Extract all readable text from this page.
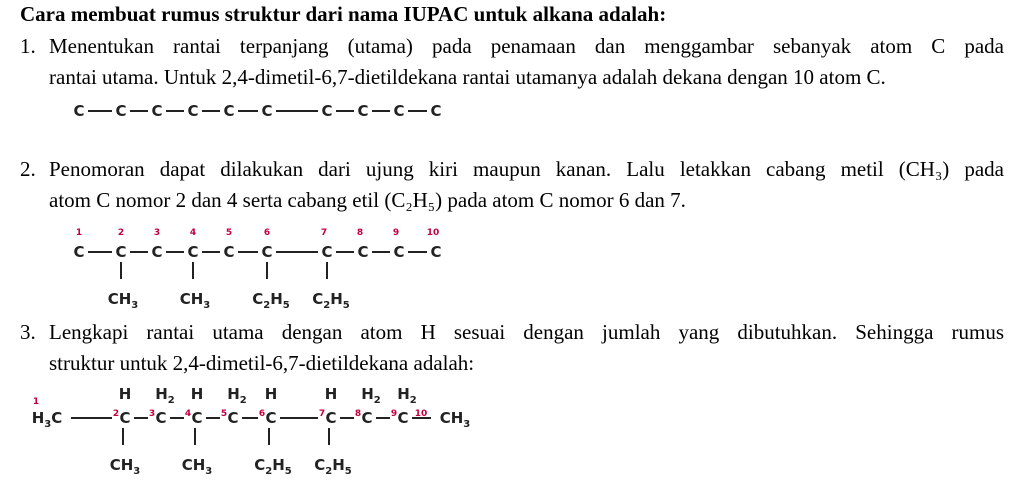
Cara membuat rumus struktur dari nama IUPAC untuk alkana adalah:

1. Menentukan rantai terpanjang (utama) pada penamaan dan menggambar sebanyak atom C pada
rantai utama. Untuk 2,4-dimetil-6,7-dietildekana rantai utamanya adalah dekana dengan 10 atom C.
2. Penomoran dapat dilakukan dari ujung kiri maupun kanan. Lalu letakkan cabang metil (CH₃) pada
atom C nomor 2 dan 4 serta cabang etil (C₂H₅) pada atom C nomor 6 dan 7.
3. Lengkapi rantai utama dengan atom H sesuai dengan jumlah yang dibutuhkan. Sehingga rumus
struktur untuk 2,4-dimetil-6,7-dietildekana adalah:
C C C C C C	C C C C
C C C C C C	C C C C
1	2	3	4	5	6	7	8	9	10
$CH_3$	$CH_3$	$C_2H_5$ $C_2H_5$
$H_3C$
1
C
2 C
3 C
4 C
5	C
6	C
7 C
8 C
9	$CH_3$
10
H $H_2$ H $H_2$ H	H $H_2$ $H_2$
$CH_3$	$CH_3$	$C_2H_5$ $C_2H_5$
